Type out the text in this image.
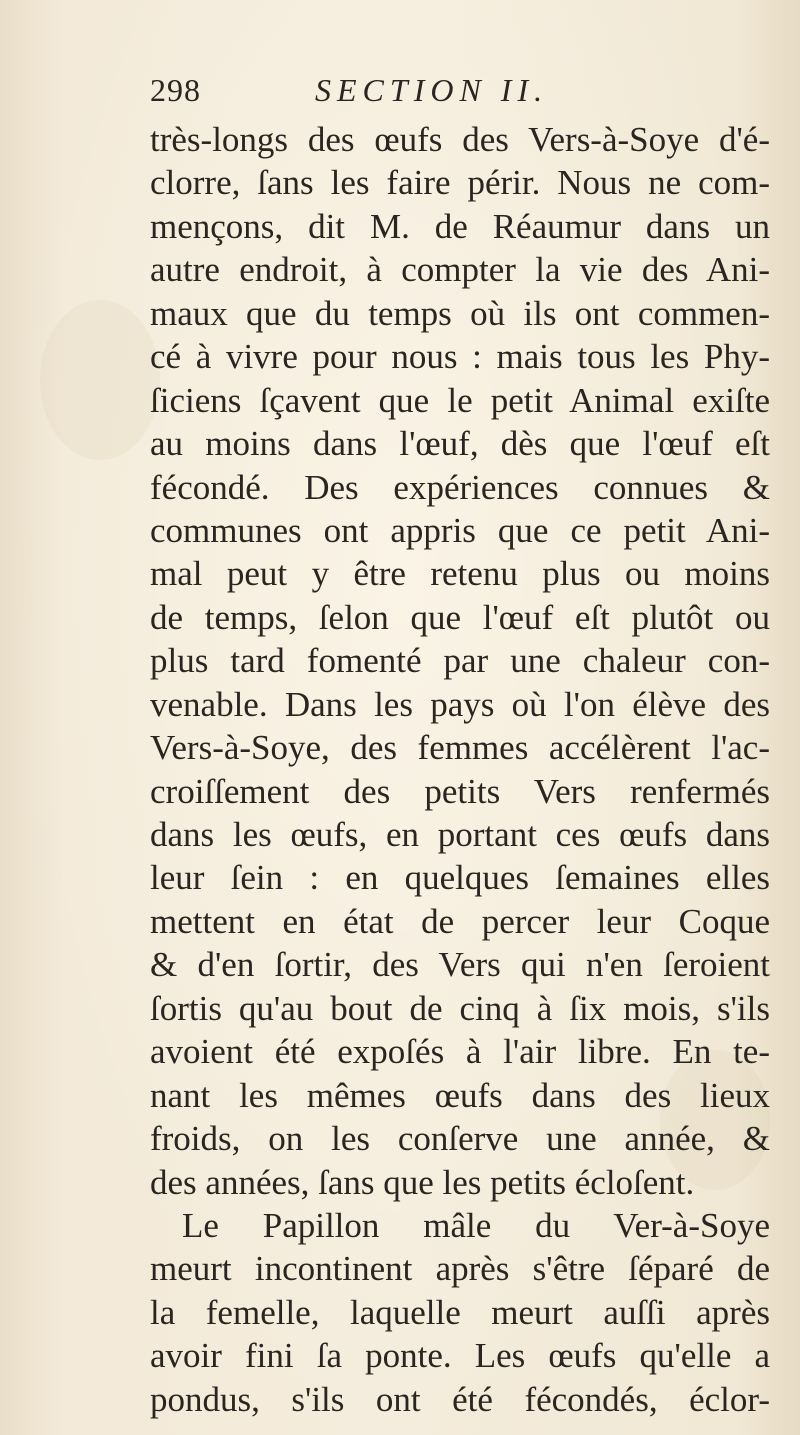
298	SECTION II.
très-longs des œufs des Vers-à-Soye d'é-
clorre, ſans les faire périr. Nous ne com-
mençons, dit M. de Réaumur dans un
autre endroit, à compter la vie des Ani-
maux que du temps où ils ont commen-
cé à vivre pour nous : mais tous les Phy-
ſiciens ſçavent que le petit Animal exiſte
au moins dans l'œuf, dès que l'œuf eſt
fécondé. Des expériences connues &
communes ont appris que ce petit Ani-
mal peut y être retenu plus ou moins
de temps, ſelon que l'œuf eſt plutôt ou
plus tard fomenté par une chaleur con-
venable. Dans les pays où l'on élève des
Vers-à-Soye, des femmes accélèrent l'ac-
croiſſement des petits Vers renfermés
dans les œufs, en portant ces œufs dans
leur ſein : en quelques ſemaines elles
mettent en état de percer leur Coque
& d'en ſortir, des Vers qui n'en ſeroient
ſortis qu'au bout de cinq à ſix mois, s'ils
avoient été expoſés à l'air libre. En te-
nant les mêmes œufs dans des lieux
froids, on les conſerve une année, &
des années, ſans que les petits écloſent.
Le Papillon mâle du Ver-à-Soye
meurt incontinent après s'être ſéparé de
la femelle, laquelle meurt auſſi après
avoir fini ſa ponte. Les œufs qu'elle a
pondus, s'ils ont été fécondés, éclor-
